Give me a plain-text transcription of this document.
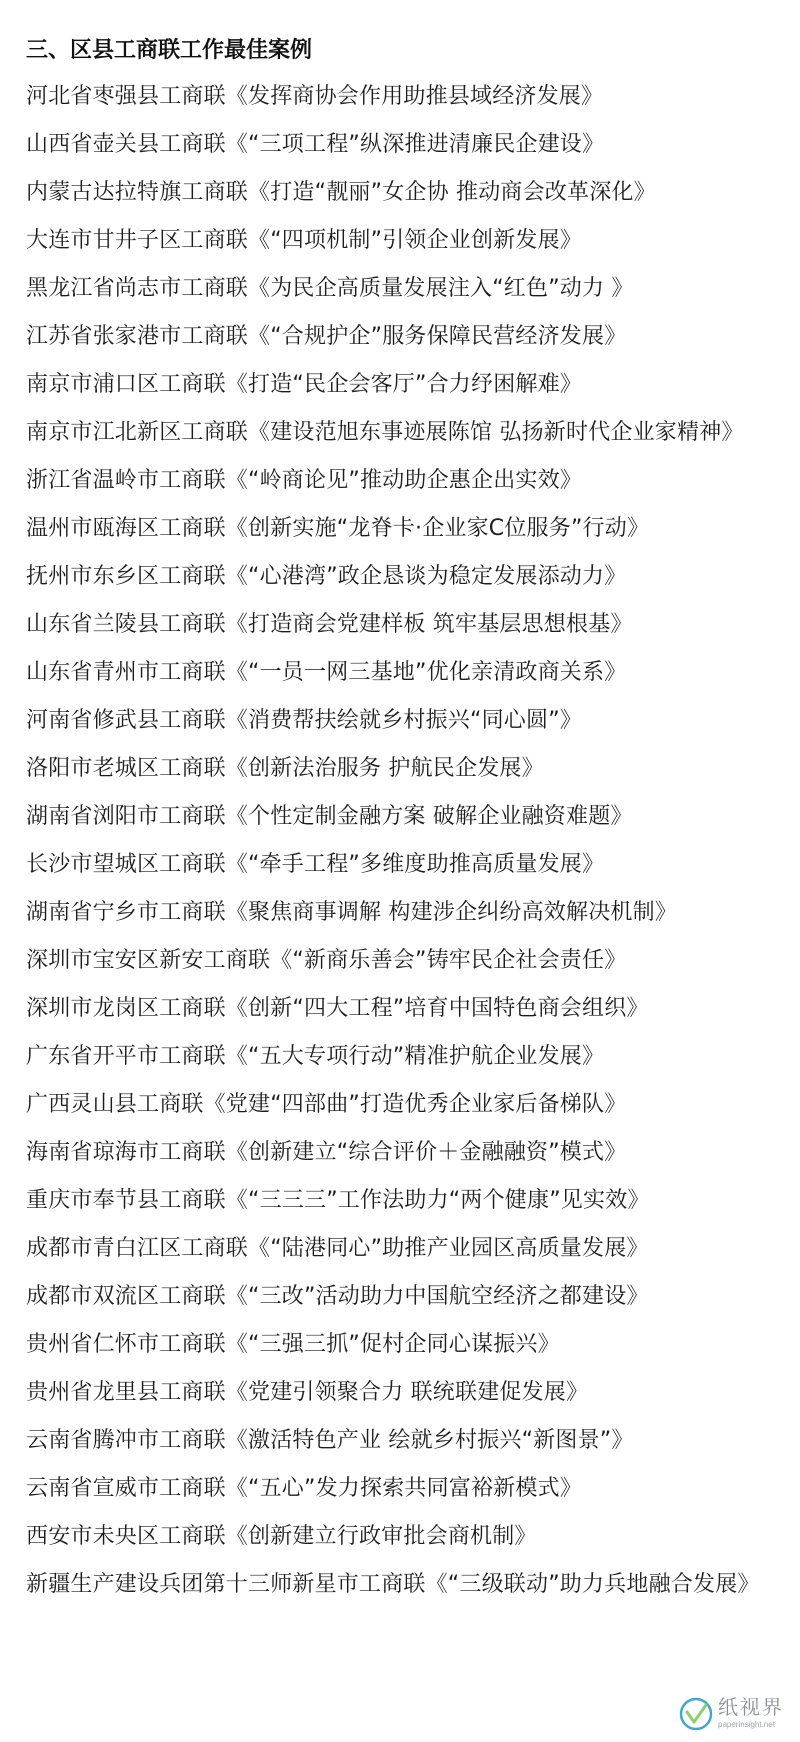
三、区县工商联工作最佳案例
河北省枣强县工商联《发挥商协会作用助推县域经济发展》
山西省壶关县工商联《“三项工程”纵深推进清廉民企建设》
内蒙古达拉特旗工商联《打造“靓丽”女企协 推动商会改革深化》
大连市甘井子区工商联《“四项机制”引领企业创新发展》
黑龙江省尚志市工商联《为民企高质量发展注入“红色”动力 》
江苏省张家港市工商联《“合规护企”服务保障民营经济发展》
南京市浦口区工商联《打造“民企会客厅”合力纾困解难》
南京市江北新区工商联《建设范旭东事迹展陈馆 弘扬新时代企业家精神》
浙江省温岭市工商联《“岭商论见”推动助企惠企出实效》
温州市瓯海区工商联《创新实施“龙脊卡·企业家C位服务”行动》
抚州市东乡区工商联《“心港湾”政企恳谈为稳定发展添动力》
山东省兰陵县工商联《打造商会党建样板 筑牢基层思想根基》
山东省青州市工商联《“一员一网三基地”优化亲清政商关系》
河南省修武县工商联《消费帮扶绘就乡村振兴“同心圆”》
洛阳市老城区工商联《创新法治服务 护航民企发展》
湖南省浏阳市工商联《个性定制金融方案 破解企业融资难题》
长沙市望城区工商联《“牵手工程”多维度助推高质量发展》
湖南省宁乡市工商联《聚焦商事调解 构建涉企纠纷高效解决机制》
深圳市宝安区新安工商联《“新商乐善会”铸牢民企社会责任》
深圳市龙岗区工商联《创新“四大工程”培育中国特色商会组织》
广东省开平市工商联《“五大专项行动”精准护航企业发展》
广西灵山县工商联《党建“四部曲”打造优秀企业家后备梯队》
海南省琼海市工商联《创新建立“综合评价＋金融融资”模式》
重庆市奉节县工商联《“三三三”工作法助力“两个健康”见实效》
成都市青白江区工商联《“陆港同心”助推产业园区高质量发展》
成都市双流区工商联《“三改”活动助力中国航空经济之都建设》
贵州省仁怀市工商联《“三强三抓”促村企同心谋振兴》
贵州省龙里县工商联《党建引领聚合力 联统联建促发展》
云南省腾冲市工商联《激活特色产业 绘就乡村振兴“新图景”》
云南省宣威市工商联《“五心”发力探索共同富裕新模式》
西安市未央区工商联《创新建立行政审批会商机制》
新疆生产建设兵团第十三师新星市工商联《“三级联动”助力兵地融合发展》
纸视界
paperinsight.net
